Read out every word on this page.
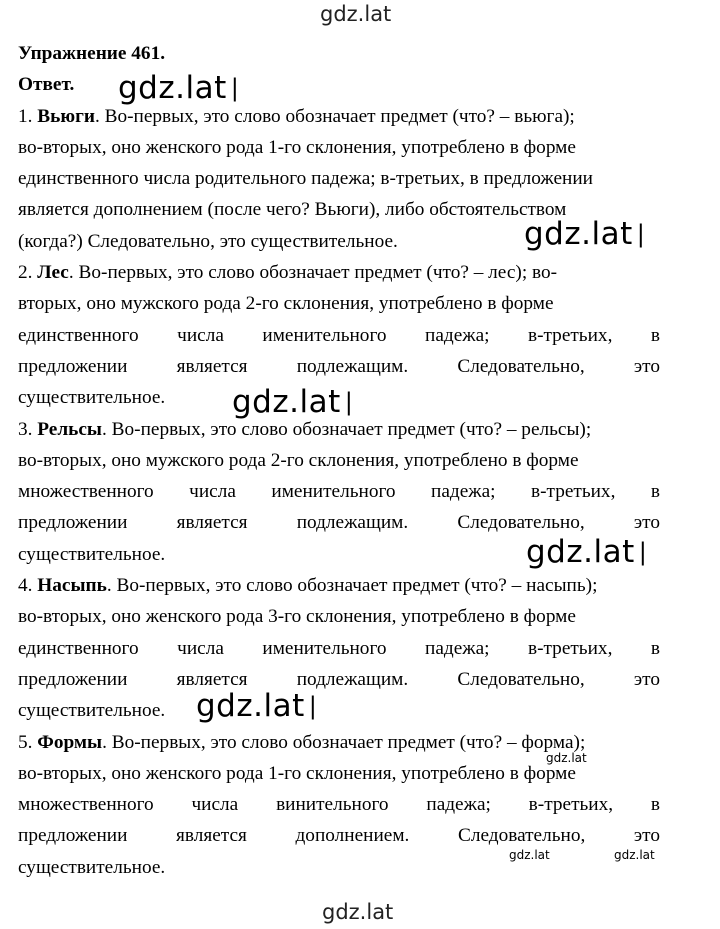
gdz.lat
gdz.lat |
gdz.lat |
gdz.lat |
gdz.lat |
gdz.lat |
gdz.lat
gdz.lat	gdz.lat
gdz.lat
Упражнение 461.
Ответ.
1. Вьюги. Во-первых, это слово обозначает предмет (что? – вьюга);
во-вторых, оно женского рода 1-го склонения, употреблено в форме
единственного числа родительного падежа; в-третьих, в предложении
является дополнением (после чего? Вьюги), либо обстоятельством
(когда?) Следовательно, это существительное.
2. Лес. Во-первых, это слово обозначает предмет (что? – лес); во-
вторых, оно мужского рода 2-го склонения, употреблено в форме
единственного числа именительного падежа; в-третьих, в
предложении является подлежащим. Следовательно, это
существительное.
3. Рельсы. Во-первых, это слово обозначает предмет (что? – рельсы);
во-вторых, оно мужского рода 2-го склонения, употреблено в форме
множественного числа именительного падежа; в-третьих, в
предложении является подлежащим. Следовательно, это
существительное.
4. Насыпь. Во-первых, это слово обозначает предмет (что? – насыпь);
во-вторых, оно женского рода 3-го склонения, употреблено в форме
единственного числа именительного падежа; в-третьих, в
предложении является подлежащим. Следовательно, это
существительное.
5. Формы. Во-первых, это слово обозначает предмет (что? – форма);
во-вторых, оно женского рода 1-го склонения, употреблено в форме
множественного числа винительного падежа; в-третьих, в
предложении является дополнением. Следовательно, это
существительное.
